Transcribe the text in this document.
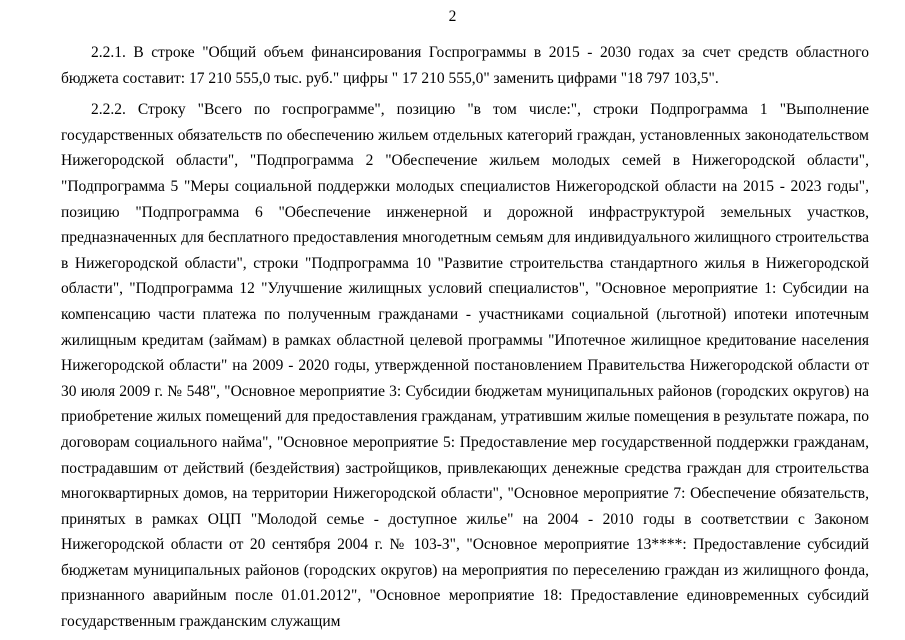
2

2.2.1. В строке "Общий объем финансирования Госпрограммы в 2015 - 2030 годах за счет средств областного бюджета составит: 17 210 555,0 тыс. руб." цифры " 17 210 555,0" заменить цифрами "18 797 103,5".

2.2.2. Строку "Всего по госпрограмме", позицию "в том числе:", строки Подпрограмма 1 "Выполнение государственных обязательств по обеспечению жильем отдельных категорий граждан, установленных законодательством Нижегородской области", "Подпрограмма 2 "Обеспечение жильем молодых семей в Нижегородской области", "Подпрограмма 5 "Меры социальной поддержки молодых специалистов Нижегородской области на 2015 - 2023 годы", позицию "Подпрограмма 6 "Обеспечение инженерной и дорожной инфраструктурой земельных участков, предназначенных для бесплатного предоставления многодетным семьям для индивидуального жилищного строительства в Нижегородской области", строки "Подпрограмма 10 "Развитие строительства стандартного жилья в Нижегородской области", "Подпрограмма 12 "Улучшение жилищных условий специалистов", "Основное мероприятие 1: Субсидии на компенсацию части платежа по полученным гражданами - участниками социальной (льготной) ипотеки ипотечным жилищным кредитам (займам) в рамках областной целевой программы "Ипотечное жилищное кредитование населения Нижегородской области" на 2009 - 2020 годы, утвержденной постановлением Правительства Нижегородской области от 30 июля 2009 г. № 548", "Основное мероприятие 3: Субсидии бюджетам муниципальных районов (городских округов) на приобретение жилых помещений для предоставления гражданам, утратившим жилые помещения в результате пожара, по договорам социального найма", "Основное мероприятие 5: Предоставление мер государственной поддержки гражданам, пострадавшим от действий (бездействия) застройщиков, привлекающих денежные средства граждан для строительства многоквартирных домов, на территории Нижегородской области", "Основное мероприятие 7: Обеспечение обязательств, принятых в рамках ОЦП "Молодой семье - доступное жилье" на 2004 - 2010 годы в соответствии с Законом Нижегородской области от 20 сентября 2004 г. № 103-З", "Основное мероприятие 13****: Предоставление субсидий бюджетам муниципальных районов (городских округов) на мероприятия по переселению граждан из жилищного фонда, признанного аварийным после 01.01.2012", "Основное мероприятие 18: Предоставление единовременных субсидий государственным гражданским служащим
